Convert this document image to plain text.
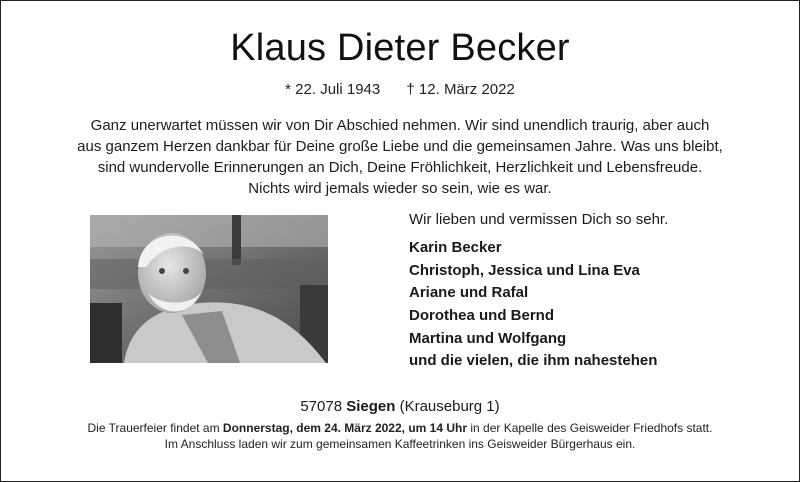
Klaus Dieter Becker
* 22. Juli 1943 † 12. März 2022
Ganz unerwartet müssen wir von Dir Abschied nehmen. Wir sind unendlich traurig, aber auch
aus ganzem Herzen dankbar für Deine große Liebe und die gemeinsamen Jahre. Was uns bleibt,
sind wundervolle Erinnerungen an Dich, Deine Fröhlichkeit, Herzlichkeit und Lebensfreude.
Nichts wird jemals wieder so sein, wie es war.
Wir lieben und vermissen Dich so sehr.
Karin Becker
Christoph, Jessica und Lina Eva
Ariane und Rafal
Dorothea und Bernd
Martina und Wolfgang
und die vielen, die ihm nahestehen
57078 Siegen (Krauseburg 1)
Die Trauerfeier findet am Donnerstag, dem 24. März 2022, um 14 Uhr in der Kapelle des Geisweider Friedhofs statt.
Im Anschluss laden wir zum gemeinsamen Kaffeetrinken ins Geisweider Bürgerhaus ein.
